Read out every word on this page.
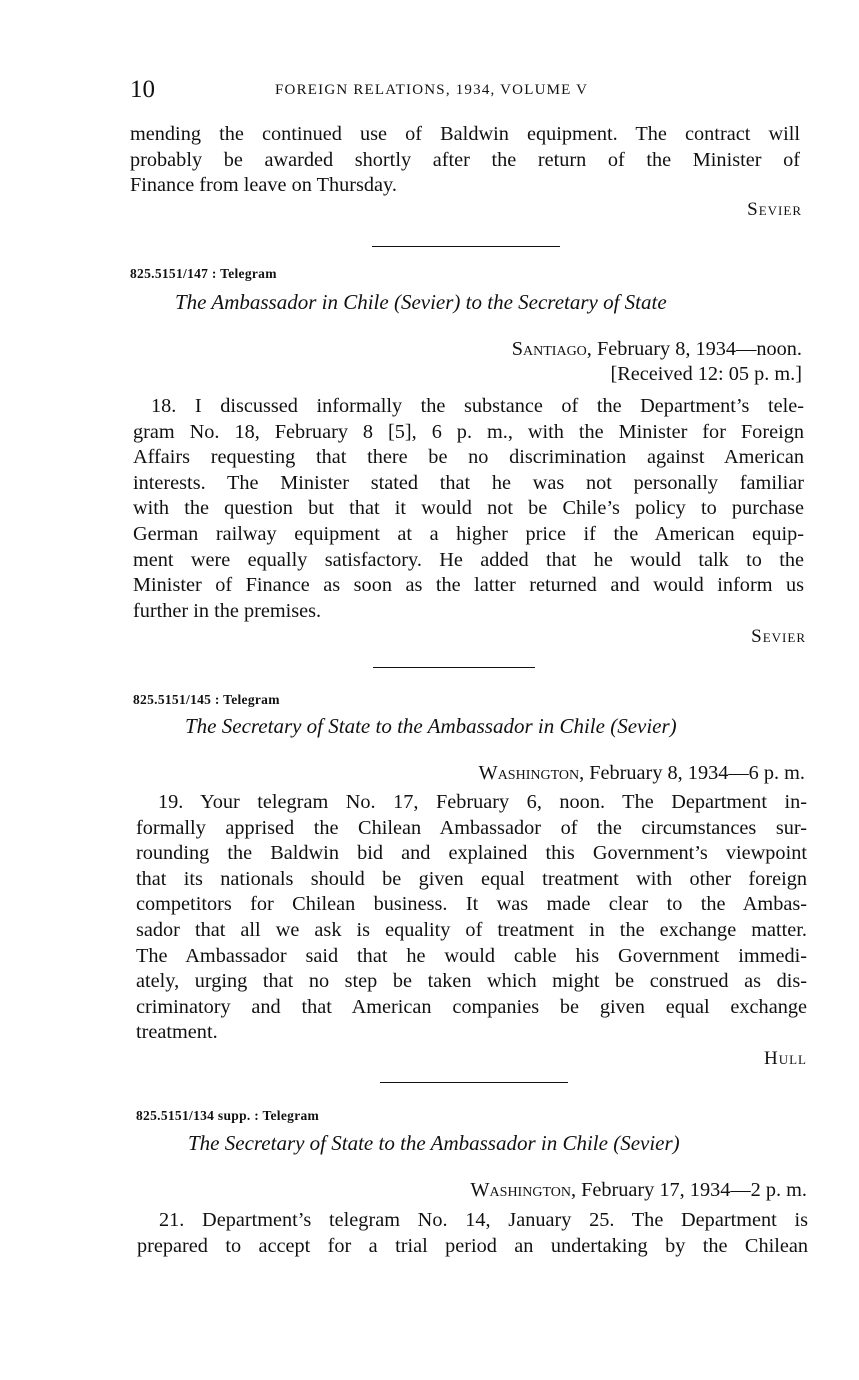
10	FOREIGN RELATIONS, 1934, VOLUME V
mending the continued use of Baldwin equipment. The contract will
probably be awarded shortly after the return of the Minister of
Finance from leave on Thursday.
Sevier
825.5151/147 : Telegram
The Ambassador in Chile (Sevier) to the Secretary of State
Santiago, February 8, 1934—noon.
[Received 12: 05 p. m.]
18. I discussed informally the substance of the Department’s tele-
gram No. 18, February 8 [5], 6 p. m., with the Minister for Foreign
Affairs requesting that there be no discrimination against American
interests. The Minister stated that he was not personally familiar
with the question but that it would not be Chile’s policy to purchase
German railway equipment at a higher price if the American equip-
ment were equally satisfactory. He added that he would talk to the
Minister of Finance as soon as the latter returned and would inform us
further in the premises.
Sevier
825.5151/145 : Telegram
The Secretary of State to the Ambassador in Chile (Sevier)
Washington, February 8, 1934—6 p. m.
19. Your telegram No. 17, February 6, noon. The Department in-
formally apprised the Chilean Ambassador of the circumstances sur-
rounding the Baldwin bid and explained this Government’s viewpoint
that its nationals should be given equal treatment with other foreign
competitors for Chilean business. It was made clear to the Ambas-
sador that all we ask is equality of treatment in the exchange matter.
The Ambassador said that he would cable his Government immedi-
ately, urging that no step be taken which might be construed as dis-
criminatory and that American companies be given equal exchange
treatment.
Hull
825.5151/134 supp. : Telegram
The Secretary of State to the Ambassador in Chile (Sevier)
Washington, February 17, 1934—2 p. m.
21. Department’s telegram No. 14, January 25. The Department is
prepared to accept for a trial period an undertaking by the Chilean
